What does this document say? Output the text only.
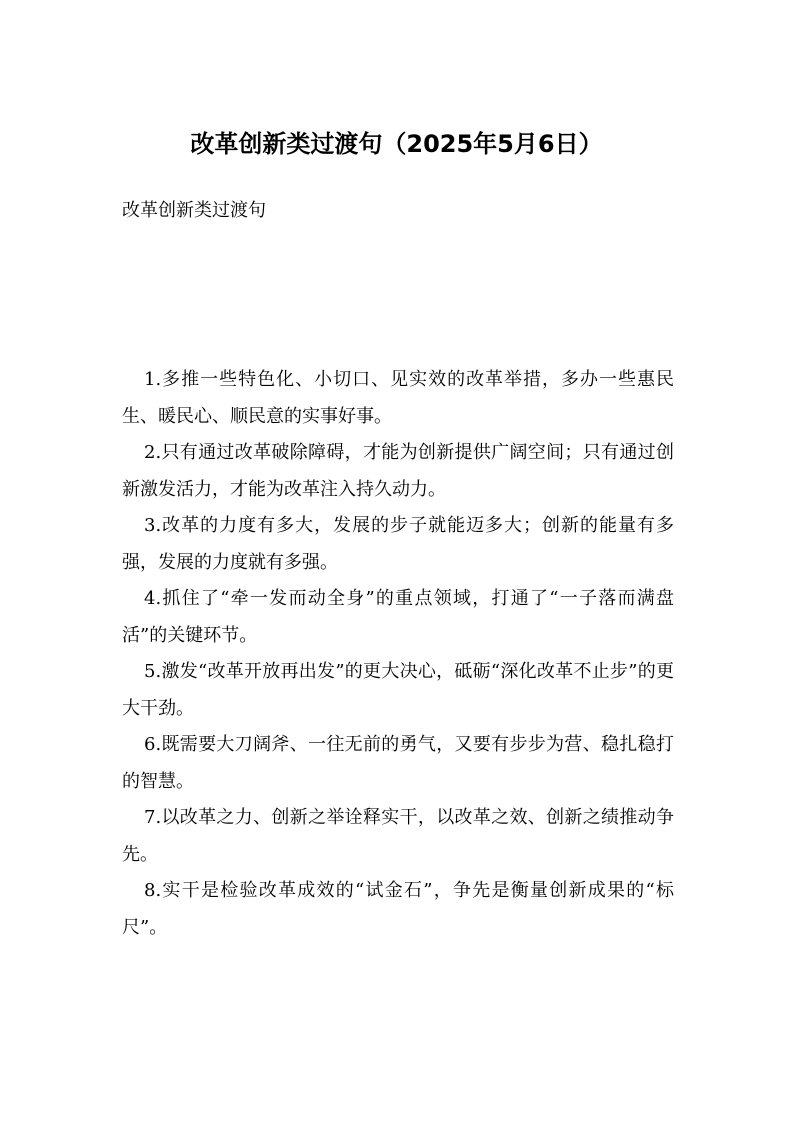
改革创新类过渡句（2025年5月6日）

改革创新类过渡句

1.多推一些特色化、小切口、见实效的改革举措，多办一些惠民生、暖民心、顺民意的实事好事。
2.只有通过改革破除障碍，才能为创新提供广阔空间；只有通过创新激发活力，才能为改革注入持久动力。
3.改革的力度有多大，发展的步子就能迈多大；创新的能量有多强，发展的力度就有多强。
4.抓住了“牵一发而动全身”的重点领域，打通了“一子落而满盘活”的关键环节。
5.激发“改革开放再出发”的更大决心，砥砺“深化改革不止步”的更大干劲。
6.既需要大刀阔斧、一往无前的勇气，又要有步步为营、稳扎稳打的智慧。
7.以改革之力、创新之举诠释实干，以改革之效、创新之绩推动争先。
8.实干是检验改革成效的“试金石”，争先是衡量创新成果的“标尺”。
